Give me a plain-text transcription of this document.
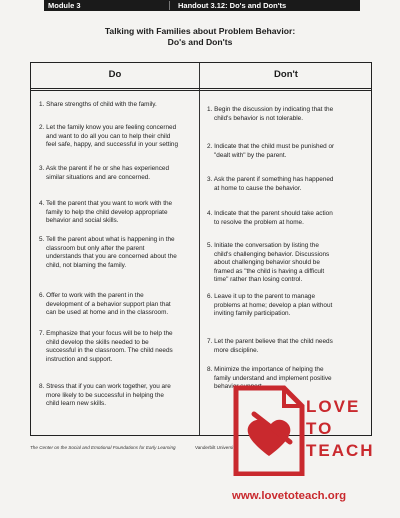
Module 3	Handout 3.12: Do's and Don'ts
Talking with Families about Problem Behavior:
Do's and Don'ts
Do	Don't
1. Share strengths of child with the family.
2. Let the family know you are feeling concerned
and want to do all you can to help their child
feel safe, happy, and successful in your setting
3. Ask the parent if he or she has experienced
similar situations and are concerned.
4. Tell the parent that you want to work with the
family to help the child develop appropriate
behavior and social skills.
5. Tell the parent about what is happening in the
classroom but only after the parent
understands that you are concerned about the
child, not blaming the family.
6. Offer to work with the parent in the
development of a behavior support plan that
can be used at home and in the classroom.
7. Emphasize that your focus will be to help the
child develop the skills needed to be
successful in the classroom. The child needs
instruction and support.
8. Stress that if you can work together, you are
more likely to be successful in helping the
child learn new skills.
1. Begin the discussion by indicating that the
child's behavior is not tolerable.
2. Indicate that the child must be punished or
"dealt with" by the parent.
3. Ask the parent if something has happened
at home to cause the behavior.
4. Indicate that the parent should take action
to resolve the problem at home.
5. Initiate the conversation by listing the
child's challenging behavior. Discussions
about challenging behavior should be
framed as "the child is having a difficult
time" rather than losing control.
6. Leave it up to the parent to manage
problems at home; develop a plan without
inviting family participation.
7. Let the parent believe that the child needs
more discipline.
8. Minimize the importance of helping the
family understand and implement positive
behavior support.
The Center on the Social and Emotional Foundations for Early Learning	Vanderbilt University
LOVE
TO
TEACH
www.lovetoteach.org
